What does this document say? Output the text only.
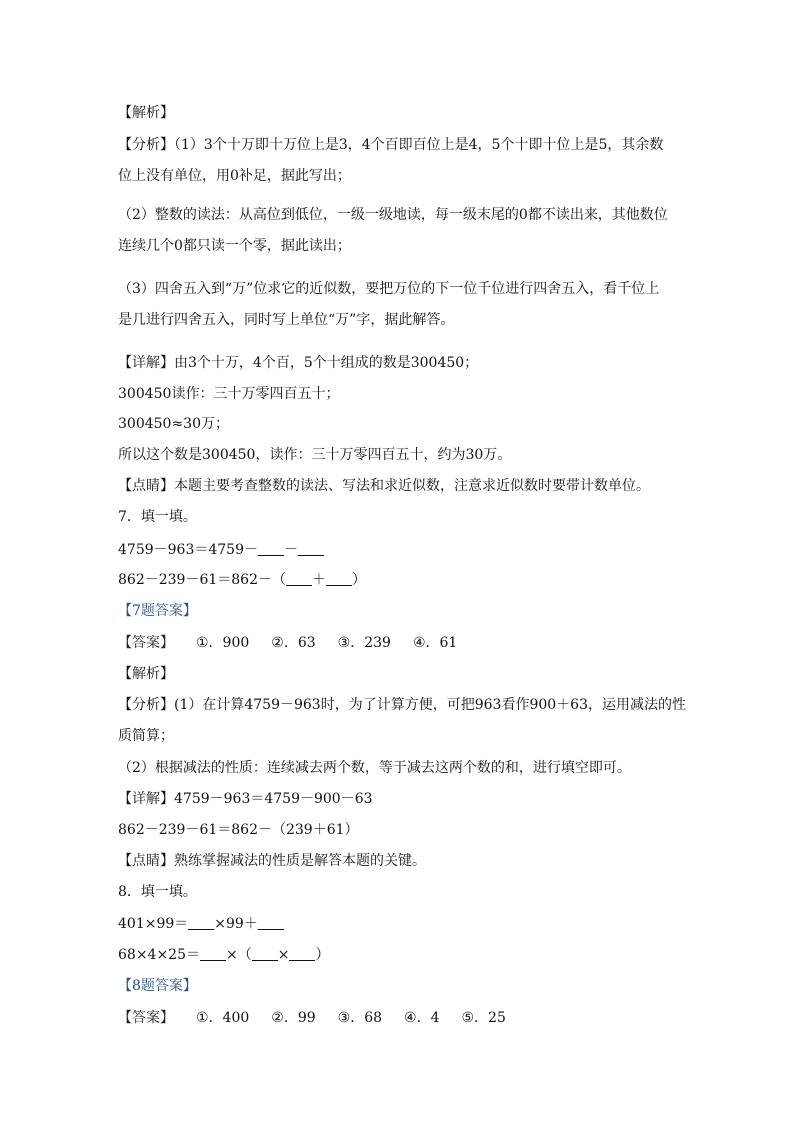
【解析】
【分析】（1）3个十万即十万位上是3，4个百即百位上是4，5个十即十位上是5，其余数
位上没有单位，用0补足，据此写出；
（2）整数的读法：从高位到低位，一级一级地读，每一级末尾的0都不读出来，其他数位
连续几个0都只读一个零，据此读出；
（3）四舍五入到“万”位求它的近似数，要把万位的下一位千位进行四舍五入，看千位上
是几进行四舍五入，同时写上单位“万”字，据此解答。
【详解】由3个十万，4个百，5个十组成的数是300450；
300450读作：三十万零四百五十；
300450≈30万；
所以这个数是300450，读作：三十万零四百五十，约为30万。
【点睛】本题主要考查整数的读法、写法和求近似数，注意求近似数时要带计数单位。
7．填一填。
4759－963＝4759－ －
862－239－61＝862－（ ＋ ）
【7题答案】
【答案】 ①．900 ②．63 ③．239 ④．61
【解析】
【分析】(1）在计算4759－963时，为了计算方便，可把963看作900＋63，运用减法的性
质简算；
（2）根据减法的性质：连续减去两个数，等于减去这两个数的和，进行填空即可。
【详解】4759－963＝4759－900－63
862－239－61＝862－（239＋61）
【点睛】熟练掌握减法的性质是解答本题的关键。
8．填一填。
401×99＝ ×99＋
68×4×25＝ ×（ × ）
【8题答案】
【答案】 ①．400 ②．99 ③．68 ④．4 ⑤．25
